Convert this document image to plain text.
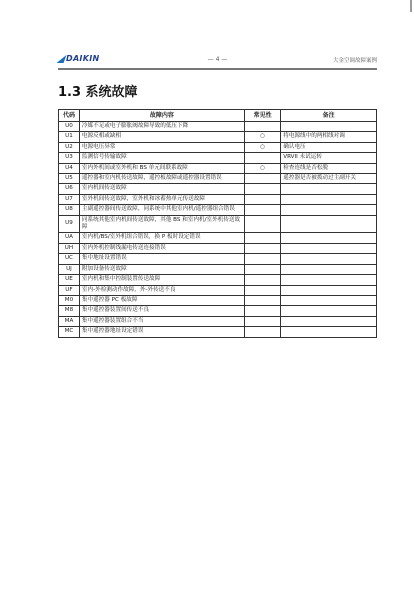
DAIKIN	— 4 —	大金空调故障案例
1.3 系统故障
代码	故障内容	常见性	备注
U0	冷媒不足或电子膨胀阀故障导致的低压下降		
U1	电源反相或缺相	○	将电源线中的两相线对调
U2	电源电压异常	○	确认电压
U3	监测信号传输故障		VRVII 未试运转
U4	室内外机间或室外机和 BS 单元间联系故障	○	检查连线是否松脱
U5	遥控器和室内机传送故障，遥控板故障或遥控器设置错误		遥控器是否被拨动过主副开关
U6	室内机间传送故障		
U7	室外机间传送故障，室外机和冰蓄热单元传送故障		
U8	主副遥控器间传送故障，同系统中其他室内机/遥控器组合错误		
U9	同系统其他室内机间传送故障，其他 BS 和室内机/室外机传送故障		
UA	室内机/BS/室外机组合错误，换 P 板时设定错误		
UH	室内外机控制线漏电传送连接错误		
UC	集中地址设置错误		
UJ	附加设备传送故障		
UE	室内机和集中控制装置传送故障		
UF	室内-外检测动作故障，外-外传送不良		
M0	集中遥控器 PC 板故障		
M8	集中遥控器装置间传送不良		
MA	集中遥控器装置组合不当		
MC	集中遥控器地址设定错误		
